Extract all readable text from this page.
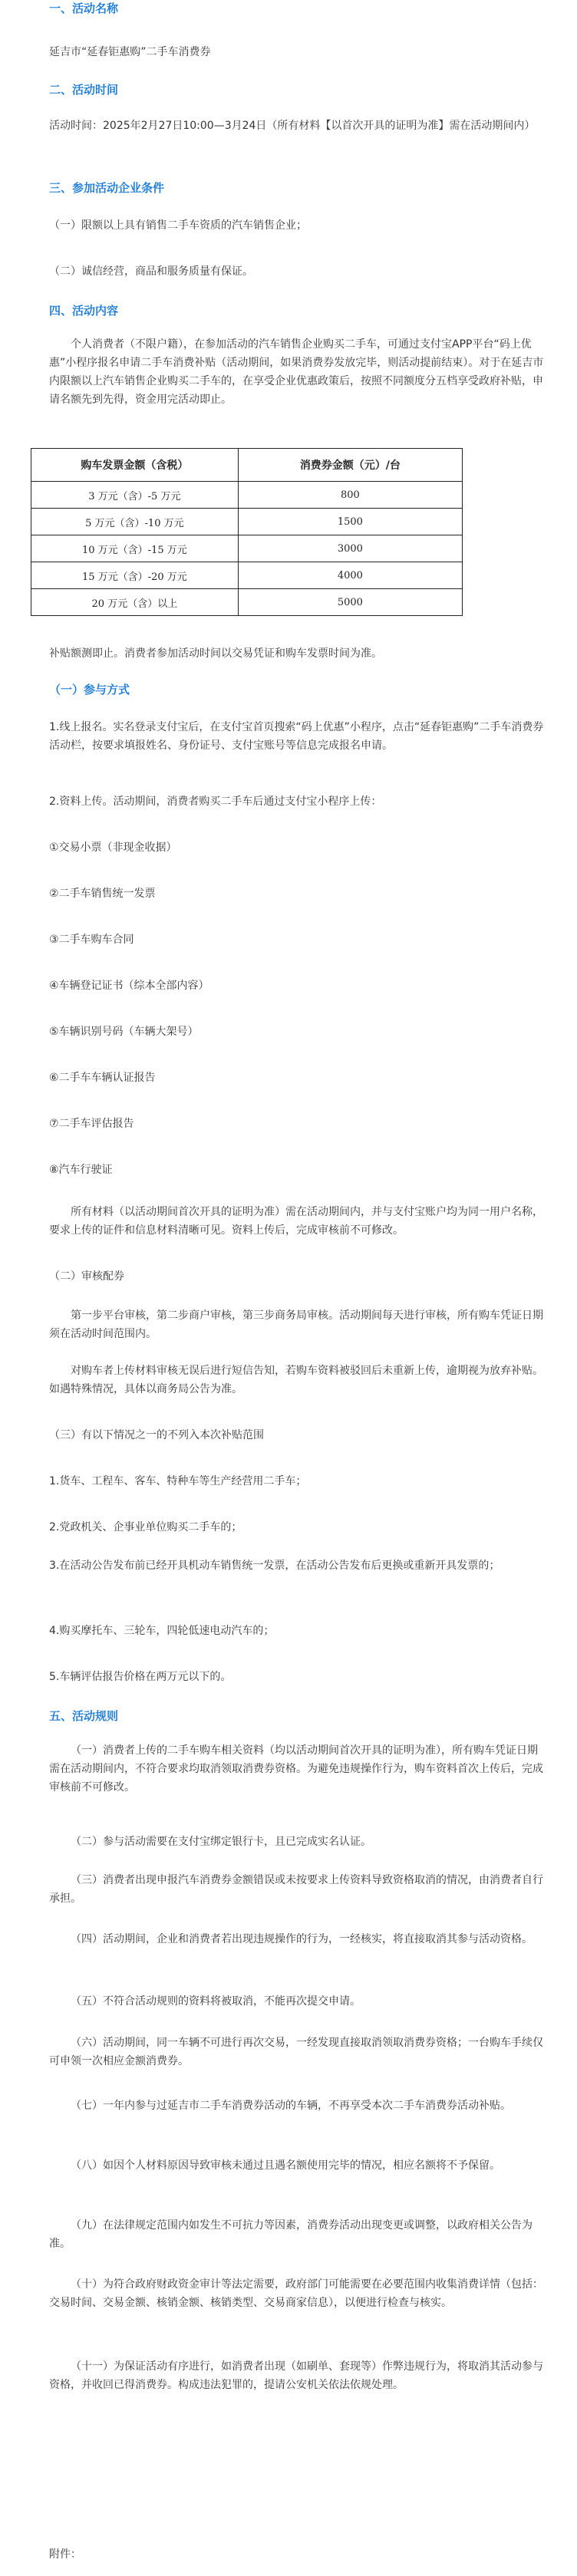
一、活动名称
延吉市“延春钜惠购”二手车消费券
二、活动时间
活动时间：2025年2月27日10:00—3月24日（所有材料【以首次开具的证明为准】需在活动期间内）
三、参加活动企业条件
（一）限额以上具有销售二手车资质的汽车销售企业；
（二）诚信经营，商品和服务质量有保证。
四、活动内容
个人消费者（不限户籍），在参加活动的汽车销售企业购买二手车，可通过支付宝APP平台“码上优惠”小程序报名申请二手车消费补贴（活动期间，如果消费券发放完毕，则活动提前结束）。对于在延吉市内限额以上汽车销售企业购买二手车的，在享受企业优惠政策后，按照不同额度分五档享受政府补贴，申请名额先到先得，资金用完活动即止。
购车发票金额（含税）	消费券金额（元）/台
3 万元（含）-5 万元	800
5 万元（含）-10 万元	1500
10 万元（含）-15 万元	3000
15 万元（含）-20 万元	4000
20 万元（含）以上	5000
补贴额测即止。消费者参加活动时间以交易凭证和购车发票时间为准。
（一）参与方式
1.线上报名。实名登录支付宝后，在支付宝首页搜索“码上优惠”小程序，点击“延春钜惠购”二手车消费券活动栏，按要求填报姓名、身份证号、支付宝账号等信息完成报名申请。
2.资料上传。活动期间，消费者购买二手车后通过支付宝小程序上传：
①交易小票（非现金收据）
②二手车销售统一发票
③二手车购车合同
④车辆登记证书（综本全部内容）
⑤车辆识别号码（车辆大架号）
⑥二手车车辆认证报告
⑦二手车评估报告
⑧汽车行驶证
所有材料（以活动期间首次开具的证明为准）需在活动期间内，并与支付宝账户均为同一用户名称，要求上传的证件和信息材料清晰可见。资料上传后，完成审核前不可修改。
（二）审核配券
第一步平台审核，第二步商户审核，第三步商务局审核。活动期间每天进行审核，所有购车凭证日期须在活动时间范围内。
对购车者上传材料审核无误后进行短信告知，若购车资料被驳回后未重新上传，逾期视为放弃补贴。如遇特殊情况，具体以商务局公告为准。
（三）有以下情况之一的不列入本次补贴范围
1.货车、工程车、客车、特种车等生产经营用二手车；
2.党政机关、企事业单位购买二手车的；
3.在活动公告发布前已经开具机动车销售统一发票，在活动公告发布后更换或重新开具发票的；
4.购买摩托车、三轮车，四轮低速电动汽车的；
5.车辆评估报告价格在两万元以下的。
五、活动规则
（一）消费者上传的二手车购车相关资料（均以活动期间首次开具的证明为准），所有购车凭证日期需在活动期间内，不符合要求均取消领取消费券资格。为避免违规操作行为，购车资料首次上传后，完成审核前不可修改。
（二）参与活动需要在支付宝绑定银行卡，且已完成实名认证。
（三）消费者出现申报汽车消费券金额错误或未按要求上传资料导致资格取消的情况，由消费者自行承担。
（四）活动期间，企业和消费者若出现违规操作的行为，一经核实，将直接取消其参与活动资格。
（五）不符合活动规则的资料将被取消，不能再次提交申请。
（六）活动期间，同一车辆不可进行再次交易，一经发现直接取消领取消费券资格；一台购车手续仅可申领一次相应金额消费券。
（七）一年内参与过延吉市二手车消费券活动的车辆，不再享受本次二手车消费券活动补贴。
（八）如因个人材料原因导致审核未通过且遇名额使用完毕的情况，相应名额将不予保留。
（九）在法律规定范围内如发生不可抗力等因素，消费券活动出现变更或调整，以政府相关公告为准。
（十）为符合政府财政资金审计等法定需要，政府部门可能需要在必要范围内收集消费详情（包括：交易时间、交易金额、核销金额、核销类型、交易商家信息），以便进行检查与核实。
（十一）为保证活动有序进行，如消费者出现（如刷单、套现等）作弊违规行为，将取消其活动参与资格，并收回已得消费券。构成违法犯罪的，提请公安机关依法依规处理。
附件：
